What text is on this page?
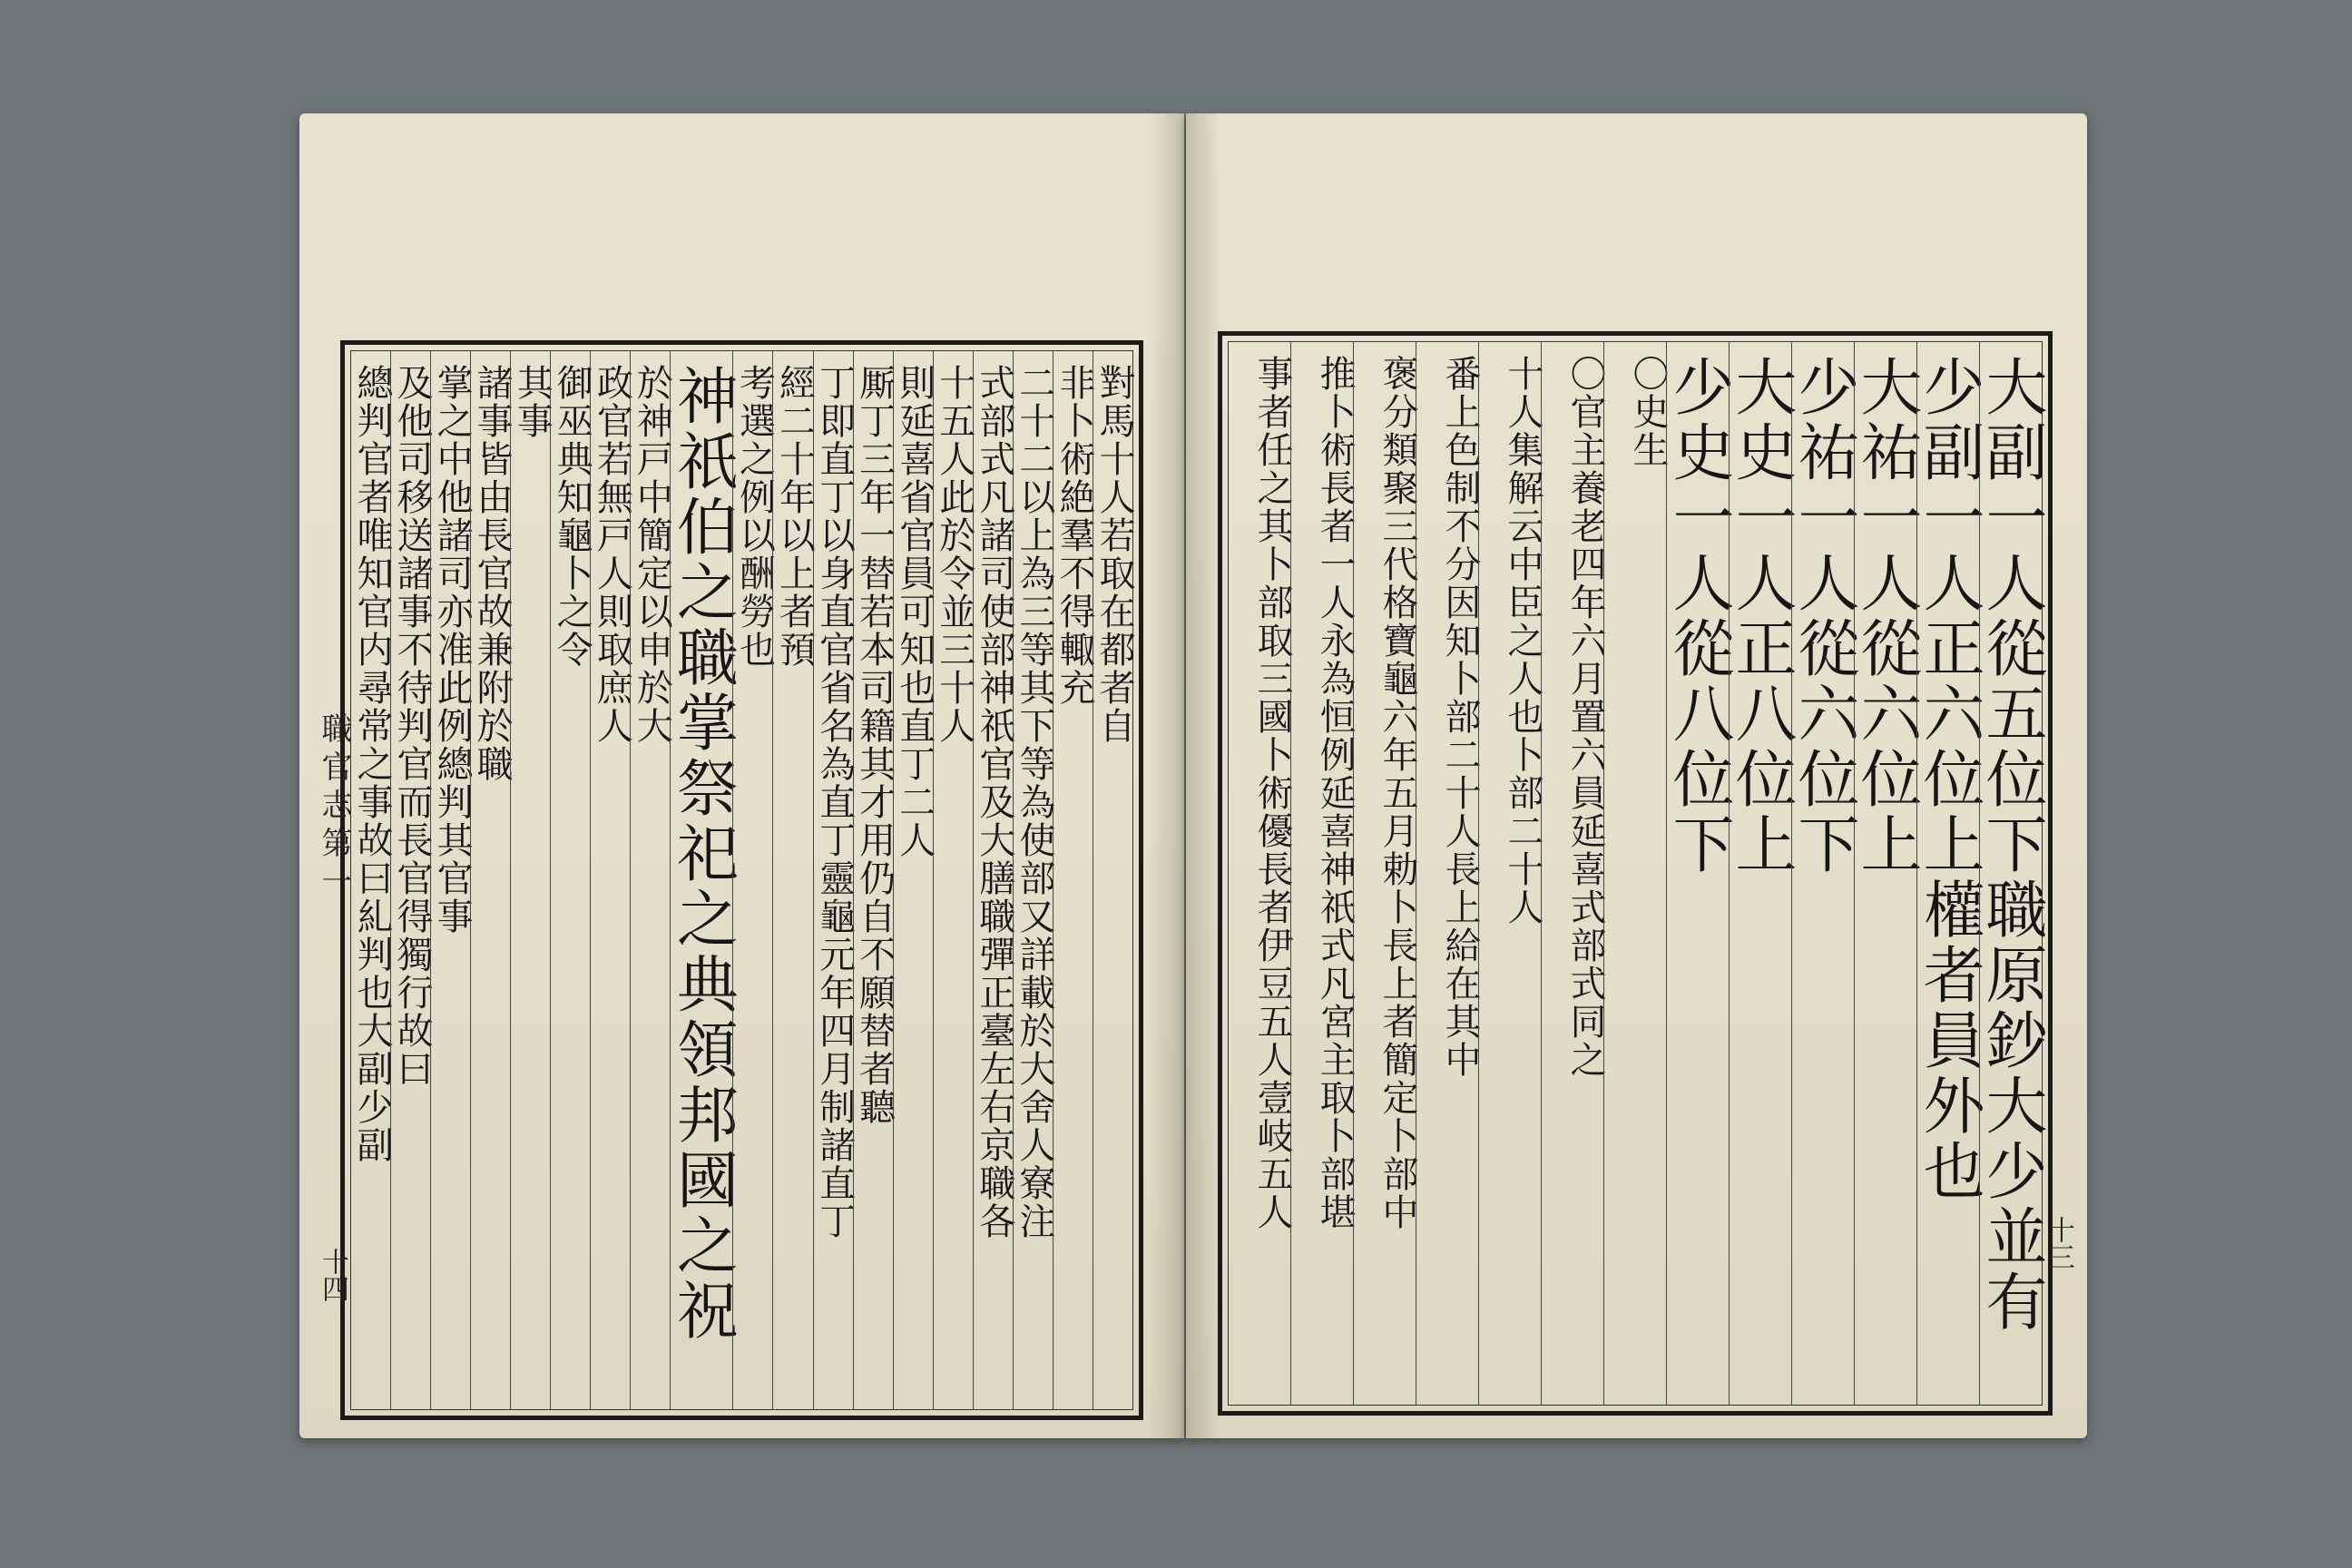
職官志第一
十四
對馬十人若取在都者自
非卜術絶羣不得輙充
二十二以上為三等其下等為使部又詳載於大舍人寮注
式部式凡諸司使部神祇官及大膳職彈正臺左右京職各
十五人此於令並三十人
則延喜省官員可知也直丁二人
厮丁三年一替若本司籍其才用仍自不願替者聽
丁即直丁以身直官省名為直丁靈龜元年四月制諸直丁
經二十年以上者預
考選之例以酬勞也
神祇伯之職掌祭祀之典領邦國之祝
於神戸中簡定以申於大
政官若無戸人則取庶人
御巫典知龜卜之令
其事
諸事皆由長官故兼附於職
掌之中他諸司亦准此例總判其官事
及他司移送諸事不待判官而長官得獨行故曰
總判官者唯知官内尋常之事故曰糺判也大副少副
十三
大副一人從五位下職原鈔大少並有
少副一人正六位上權者員外也
大祐一人從六位上
少祐一人從六位下
大史一人正八位上
少史一人從八位下
〇史生
〇官主養老四年六月置六員延喜式部式同之
十人集解云中臣之人也卜部二十人
番上色制不分因知卜部二十人長上給在其中
褒分類聚三代格寶龜六年五月勅卜長上者簡定卜部中
推卜術長者一人永為恒例延喜神祇式凡宮主取卜部堪
事者任之其卜部取三國卜術優長者伊豆五人壹岐五人
